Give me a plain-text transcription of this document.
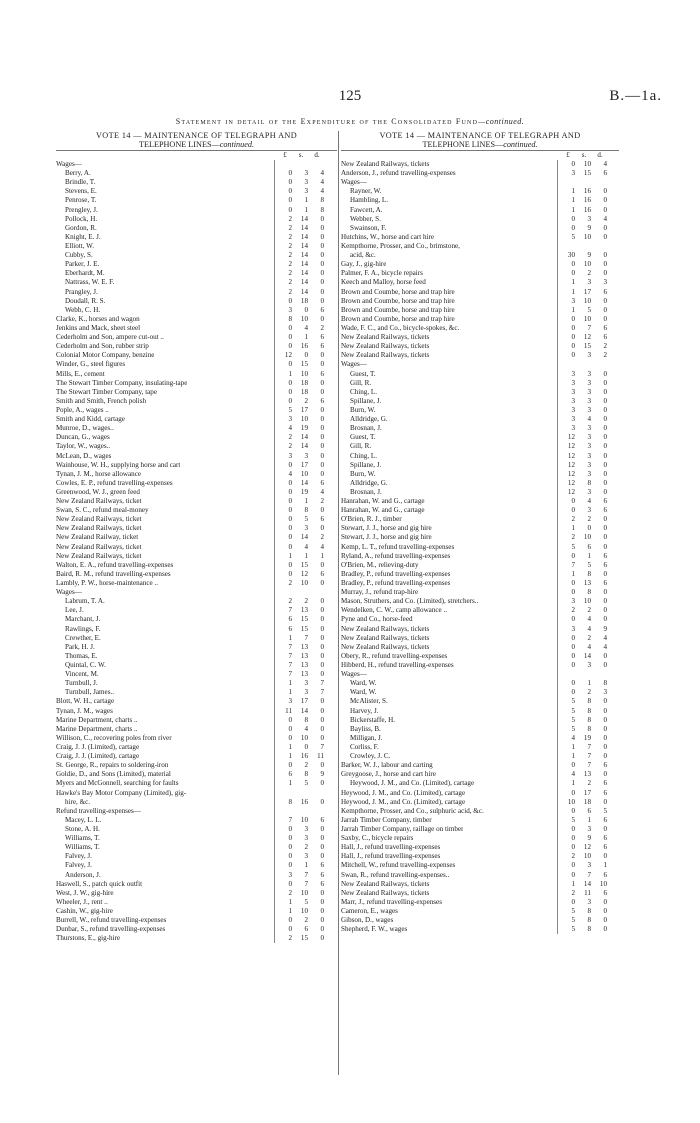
125	B.—1a.
Statement in detail of the Expenditure of the Consolidated Fund—continued.
VOTE 14 — MAINTENANCE OF TELEGRAPH AND
TELEPHONE LINES—continued.
£	s.	d.
Wages—
Berry, A.	0	3	4
Brindle, T.	0	3	4
Stevens, E.	0	3	4
Penrose, T.	0	1	8
Prengley, J.	0	1	8
Pollock, H.	2	14	0
Gordon, R.	2	14	0
Knight, E. J.	2	14	0
Elliott, W.	2	14	0
Cubby, S.	2	14	0
Parker, J. E.	2	14	0
Eberhardt, M.	2	14	0
Nattrass, W. E. F.	2	14	0
Prangley, J.	2	14	0
Doudall, R. S.	0	18	0
Webb, C. H.	3	0	6
Clarke, K., horses and wagon	8	10	0
Jenkins and Mack, sheet steel	0	4	2
Cederholm and Son, ampere cut-out ..	0	1	6
Cederholm and Son, rubber strip	0	16	6
Colonial Motor Company, benzine	12	0	0
Winder, G., steel figures	0	15	0
Mills, E., cement	1	10	6
The Stewart Timber Company, insulating-tape	0	18	0
The Stewart Timber Company, tape	0	18	0
Smith and Smith, French polish	0	2	6
Pople, A., wages ..	5	17	0
Smith and Kidd, cartage	3	10	0
Munroe, D., wages..	4	19	0
Duncan, G., wages	2	14	0
Taylor, W., wages..	2	14	0
McLean, D., wages	3	3	0
Wainhouse, W. H., supplying horse and cart	0	17	0
Tynan, J. M., horse allowance	4	10	0
Cowles, E. P., refund travelling-expenses	0	14	6
Greenwood, W. J., green feed	0	19	4
New Zealand Railways, ticket	0	1	2
Swan, S. C., refund meal-money	0	8	0
New Zealand Railways, ticket	0	5	6
New Zealand Railways, ticket	0	3	0
New Zealand Railway, ticket	0	14	2
New Zealand Railways, ticket	0	4	4
New Zealand Railways, ticket	1	1	1
Walton, E. A., refund travelling-expenses	0	15	0
Baird, R. M., refund travelling-expenses	0	12	6
Lambly, P. W., horse-maintenance ..	2	10	0
Wages—
Labrum, T. A.	2	2	0
Lee, J.	7	13	0
Marchant, J.	6	15	0
Rawlings, F.	6	15	0
Crewther, E.	1	7	0
Park, H. J.	7	13	0
Thomas, E.	7	13	0
Quintal, C. W.	7	13	0
Vincent, M.	7	13	0
Turnbull, J.	1	3	7
Turnbull, James..	1	3	7
Blott, W. H., cartage	3	17	0
Tynan, J. M., wages	11	14	0
Marine Department, charts ..	0	8	0
Marine Department, charts ..	0	4	0
Willison, C., recovering poles from river	0	10	0
Craig, J. J. (Limited), cartage	1	0	7
Craig, J. J. (Limited), cartage	1	16	11
St. George, R., repairs to soldering-iron	0	2	0
Goldie, D., and Sons (Limited), material	6	8	9
Myers and McGonnell, searching for faults	1	5	0
Hawke's Bay Motor Company (Limited), gig-
hire, &c.	8	16	0
Refund travelling-expenses—
Macey, L. L.	7	10	6
Stone, A. H.	0	3	0
Williams, T.	0	3	0
Williams, T.	0	2	0
Falvey, J.	0	3	0
Falvey, J.	0	1	6
Anderson, J.	3	7	6
Haswell, S., patch quick outfit	0	7	6
West, J. W., gig-hire	2	10	0
Wheeler, J., rent ..	1	5	0
Cashin, W., gig-hire	1	10	0
Burrell, W., refund travelling-expenses	0	2	0
Dunbar, S., refund travelling-expenses	0	6	0
Thurstons, E., gig-hire	2	15	0
VOTE 14 — MAINTENANCE OF TELEGRAPH AND
TELEPHONE LINES—continued.
£	s.	d.
New Zealand Railways, tickets	0	10	4
Anderson, J., refund travelling-expenses	3	15	6
Wages—
Rayner, W.	1	16	0
Hambling, L.	1	16	0
Fawcett, A.	1	16	0
Webber, S.	0	3	4
Swainson, F.	0	9	0
Hutchins, W., horse and cart hire	5	10	0
Kempthorne, Prosser, and Co., brimstone,
acid, &c.	30	9	0
Gay, J., gig-hire	0	10	0
Palmer, F. A., bicycle repairs	0	2	0
Keech and Malloy, horse feed	1	3	3
Brown and Coumbe, horse and trap hire	1	17	6
Brown and Coumbe, horse and trap hire	3	10	0
Brown and Coumbe, horse and trap hire	1	5	0
Brown and Coumbe, horse and trap hire	0	10	0
Wade, F. C., and Co., bicycle-spokes, &c.	0	7	6
New Zealand Railways, tickets	0	12	6
New Zealand Railways, tickets	0	15	2
New Zealand Railways, tickets	0	3	2
Wages—
Guest, T.	3	3	0
Gill, R.	3	3	0
Ching, L.	3	3	0
Spillane, J.	3	3	0
Burn, W.	3	3	0
Alldridge, G.	3	4	0
Brosnan, J.	3	3	0
Guest, T.	12	3	0
Gill, R.	12	3	0
Ching, L.	12	3	0
Spillane, J.	12	3	0
Burn, W.	12	3	0
Alldridge, G.	12	8	0
Brosnan, J.	12	3	0
Hanrahan, W. and G., cartage	0	4	6
Hanrahan, W. and G., cartage	0	3	6
O'Brien, R. J., timber	2	2	0
Stewart, J. J., horse and gig hire	1	0	0
Stewart, J. J., horse and gig hire	2	10	0
Kemp, L. T., refund travelling-expenses	5	6	0
Ryland, A., refund travelling-expenses	0	1	6
O'Brien, M., relieving-duty	7	5	6
Bradley, P., refund travelling-expenses	1	8	0
Bradley, P., refund travelling-expenses	0	13	6
Murray, J., refund trap-hire	0	8	0
Mason, Struthers, and Co. (Limited), stretchers..	3	10	0
Wendelken, C. W., camp allowance ..	2	2	0
Pyne and Co., horse-feed	0	4	0
New Zealand Railways, tickets	3	4	9
New Zealand Railways, tickets	0	2	4
New Zealand Railways, tickets	0	4	4
Obery, R., refund travelling-expenses	0	14	0
Hibberd, H., refund travelling-expenses	0	3	0
Wages—
Ward, W.	0	1	8
Ward, W.	0	2	3
McAlister, S.	5	8	0
Harvey, J.	5	8	0
Bickerstaffe, H.	5	8	0
Bayliss, B.	5	8	0
Milligan, J.	4	19	0
Corliss, F.	1	7	0
Crowley, J. C.	1	7	0
Barker, W. J., labour and carting	0	7	6
Greygoose, J., horse and cart hire	4	13	0
Heywood, J. M., and Co. (Limited), cartage	1	2	6
Heywood, J. M., and Co. (Limited), cartage	0	17	6
Heywood, J. M., and Co. (Limited), cartage	10	18	0
Kempthorne, Prosser, and Co., sulphuric acid, &c.	0	6	5
Jarrah Timber Company, timber	5	1	6
Jarrah Timber Company, raillage on timber	0	3	0
Saxby, C., bicycle repairs	0	9	6
Hall, J., refund travelling-expenses	0	12	6
Hall, J., refund travelling-expenses	2	10	0
Mitchell, W., refund travelling-expenses	0	3	1
Swan, R., refund travelling-expenses..	0	7	6
New Zealand Railways, tickets	1	14	10
New Zealand Railways, tickets	2	11	6
Marr, J., refund travelling-expenses	0	3	0
Cameron, E., wages	5	8	0
Gibson, D., wages	5	8	0
Shepherd, F. W., wages	5	8	0
